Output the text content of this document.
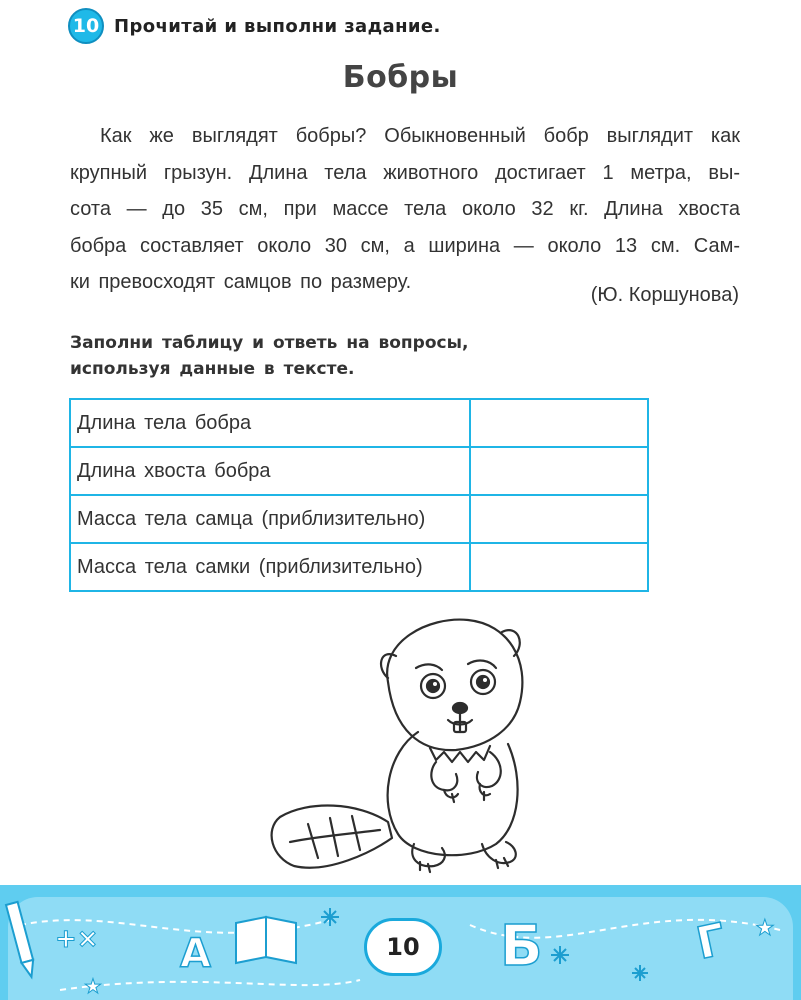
10 Прочитай и выполни задание.
Бобры
Как же выглядят бобры? Обыкновенный бобр выглядит как
крупный грызун. Длина тела животного достигает 1 метра, вы-
сота — до 35 см, при массе тела около 32 кг. Длина хвоста
бобра составляет около 30 см, а ширина — около 13 см. Сам-
ки превосходят самцов по размеру.
(Ю. Коршунова)
Заполни таблицу и ответь на вопросы,
используя данные в тексте.
Длина тела бобра	
Длина хвоста бобра	
Масса тела самца (приблизительно)	
Масса тела самки (приблизительно)	
+× А	Б	Г ★
★
10
